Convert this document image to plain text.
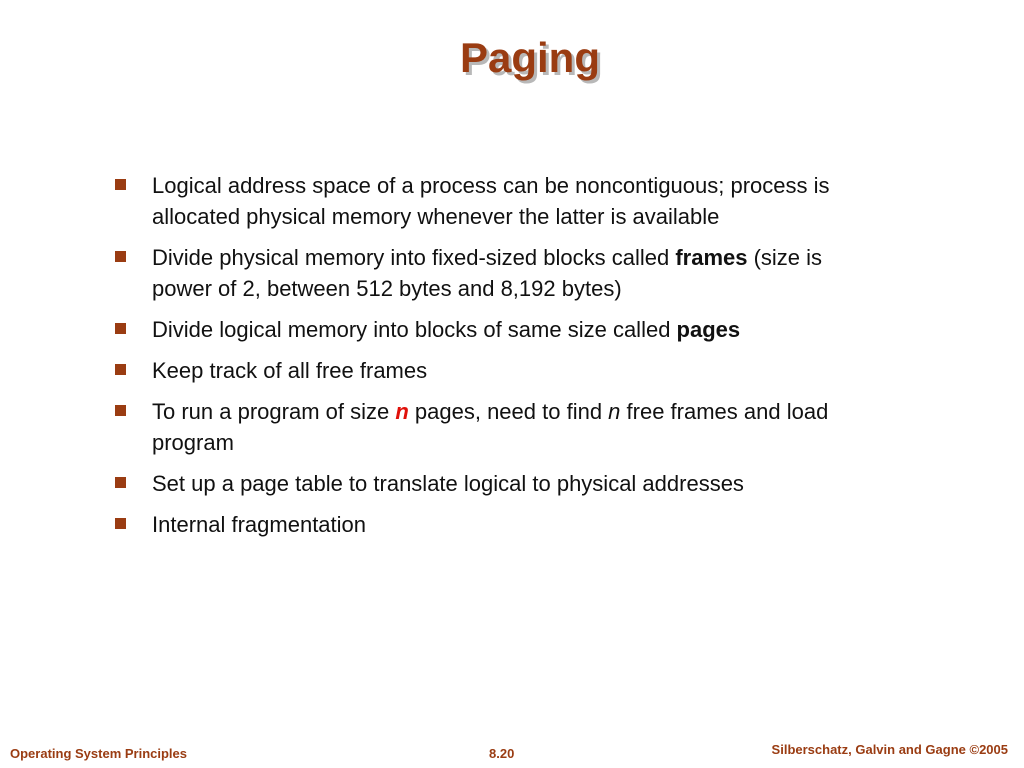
Paging
Logical address space of a process can be noncontiguous; process is allocated physical memory whenever the latter is available
Divide physical memory into fixed-sized blocks called frames (size is power of 2, between 512 bytes and 8,192 bytes)
Divide logical memory into blocks of same size called pages
Keep track of all free frames
To run a program of size n pages, need to find n free frames and load program
Set up a page table to translate logical to physical addresses
Internal fragmentation
Operating System Principles	8.20	Silberschatz, Galvin and Gagne ©2005
